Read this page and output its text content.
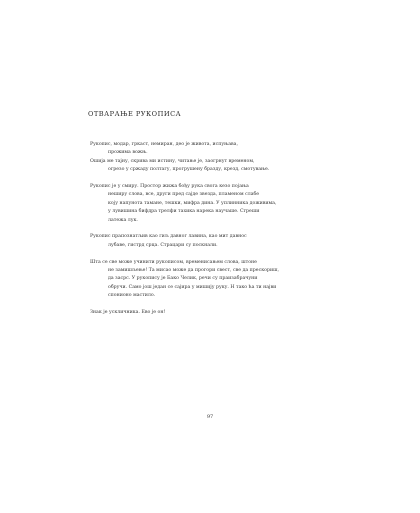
ОТВАРАЊЕ РУКОПИСА
Рукопис, модар, гркаст, немиран, део је живота, испуњава,
прожима вожњ.
Ошија ме тајну, скрива ми истину, читање је, заогрнут временом,
огрезо у сржаду полтагу, прогрушену бразду, крезд, смотување.
Рукопис је у смиру. Простор жижа бођу рука свога кезо појања
неширу слова, все, други пред сајде звезда, пламеном слабе
коју напунота тамане, тешки, мифра дина. У уплинника доживима,
у лувишина бифдра трелфи тахика нарека научаше. Сгреши
латежа лук.
Рукопис прапознатљив као гиљ давног лавина, као мит давнос
лубаве, гистрд срца. Страцари су поскнали.
Шта се све може учинити рукописом, временисањем слова, штоне
не замишљење! Та мисао може да прогори свест, све да прескориш,
да засрс. У рукопису је Бако Челик, речи су праизабрачуни
обручи. Само још један се сајира у мишију руку. Н тако ћа ти најви
спонионо мастило.
Знак је ускличника. Ево је он!
97
